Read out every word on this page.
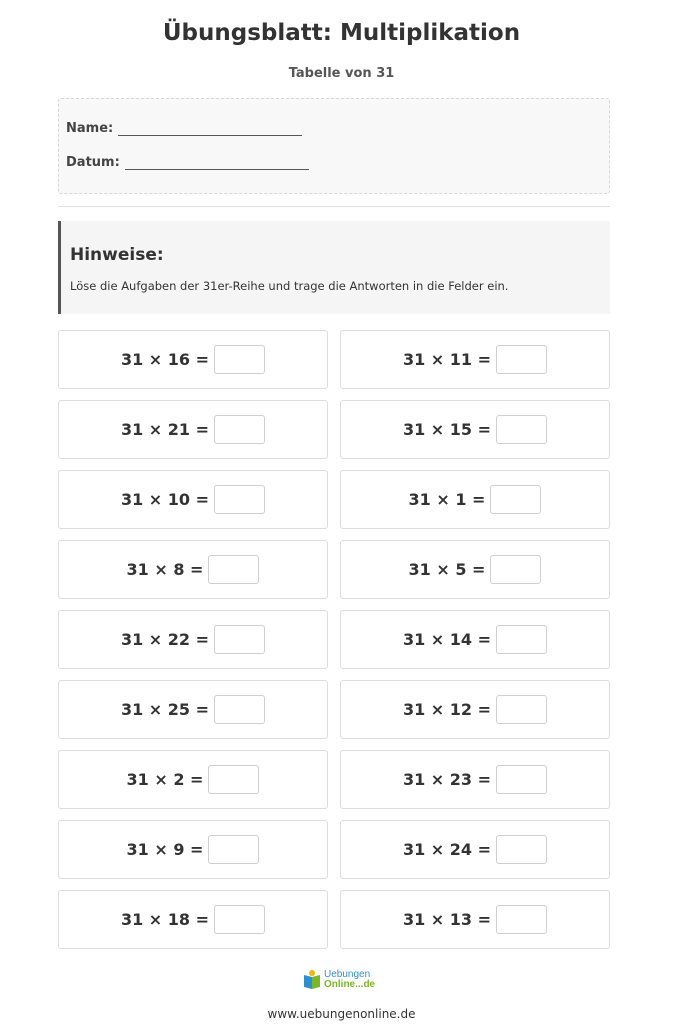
Übungsblatt: Multiplikation
Tabelle von 31
Name:
Datum:
Hinweise:
Löse die Aufgaben der 31er-Reihe und trage die Antworten in die Felder ein.
31 × 16 =	31 × 11 =
31 × 21 =	31 × 15 =
31 × 10 =	31 × 1 =
31 × 8 =	31 × 5 =
31 × 22 =	31 × 14 =
31 × 25 =	31 × 12 =
31 × 2 =	31 × 23 =
31 × 9 =	31 × 24 =
31 × 18 =	31 × 13 =
Uebungen
Online...de
www.uebungenonline.de
